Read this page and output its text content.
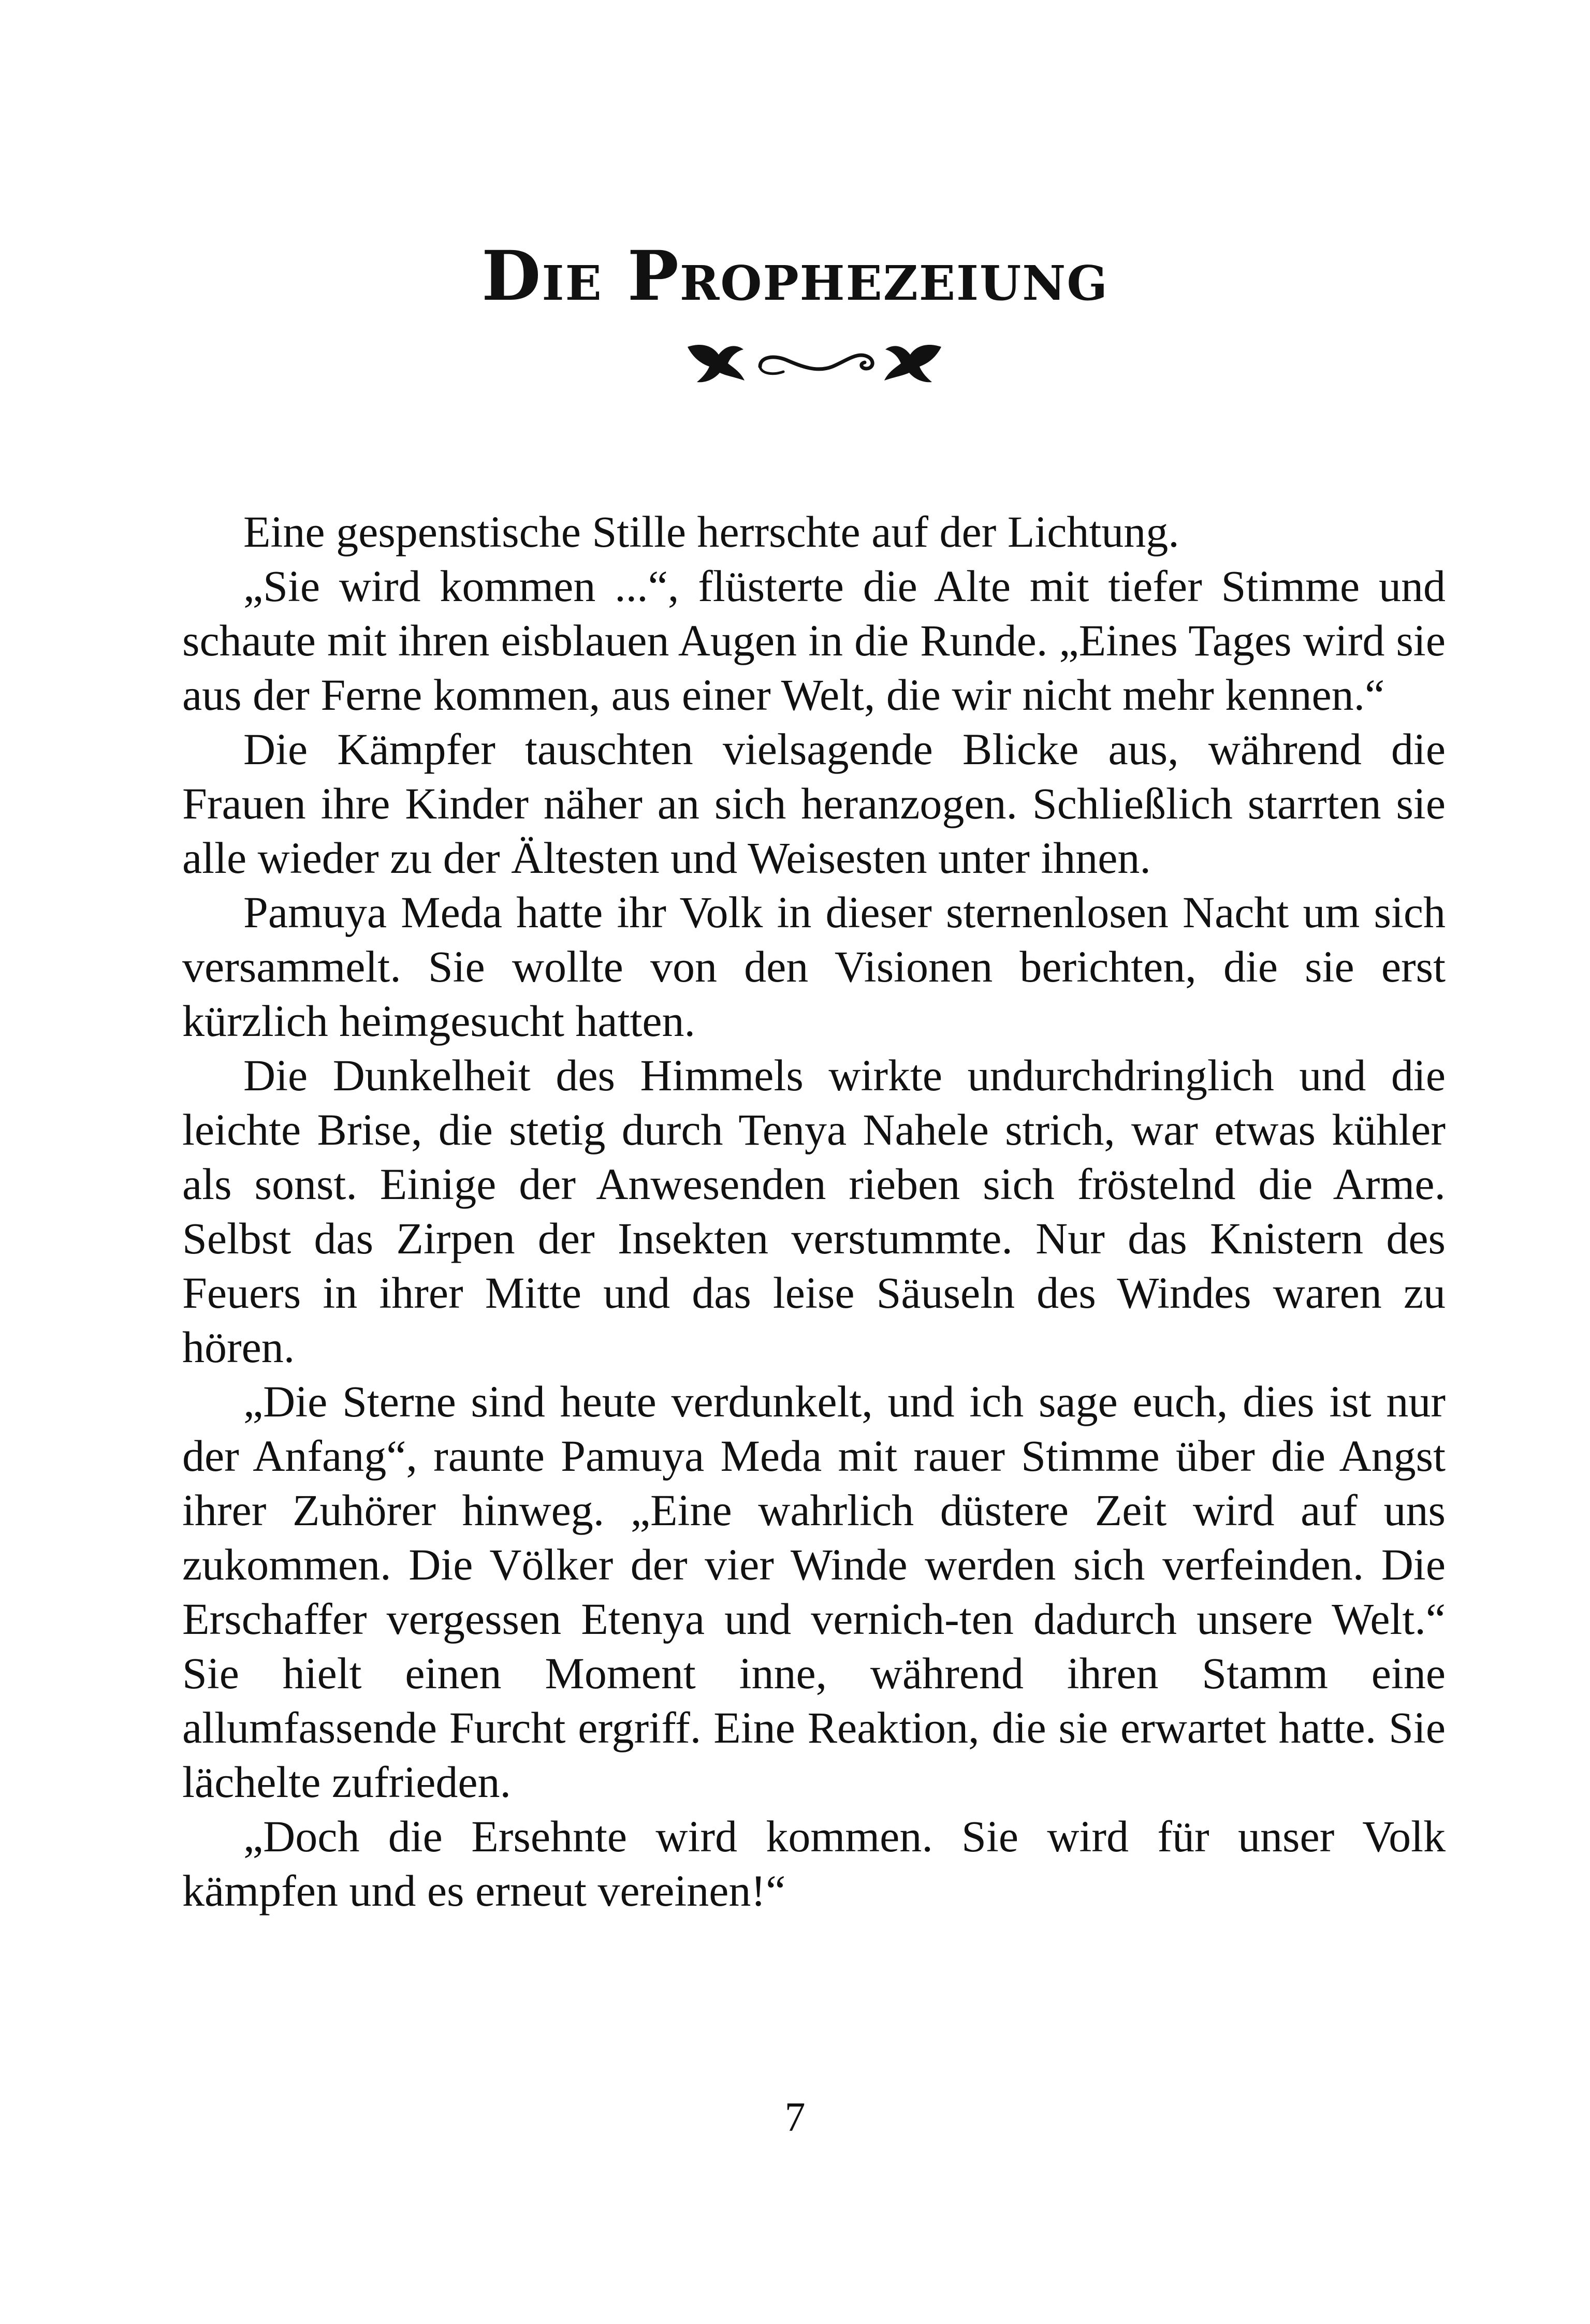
Die Prophezeiung

Eine gespenstische Stille herrschte auf der Lichtung.

„Sie wird kommen ...“, flüsterte die Alte mit tiefer Stimme und schaute mit ihren eisblauen Augen in die Runde. „Eines Tages wird sie aus der Ferne kommen, aus einer Welt, die wir nicht mehr kennen.“

Die Kämpfer tauschten vielsagende Blicke aus, während die Frauen ihre Kinder näher an sich heranzogen. Schließlich starrten sie alle wieder zu der Ältesten und Weisesten unter ihnen.

Pamuya Meda hatte ihr Volk in dieser sternenlosen Nacht um sich versammelt. Sie wollte von den Visionen berichten, die sie erst kürzlich heimgesucht hatten.

Die Dunkelheit des Himmels wirkte undurchdringlich und die leichte Brise, die stetig durch Tenya Nahele strich, war etwas kühler als sonst. Einige der Anwesenden rieben sich fröstelnd die Arme. Selbst das Zirpen der Insekten verstummte. Nur das Knistern des Feuers in ihrer Mitte und das leise Säuseln des Windes waren zu hören.

„Die Sterne sind heute verdunkelt, und ich sage euch, dies ist nur der Anfang“, raunte Pamuya Meda mit rauer Stimme über die Angst ihrer Zuhörer hinweg. „Eine wahrlich düstere Zeit wird auf uns zukommen. Die Völker der vier Winde werden sich verfeinden. Die Erschaffer vergessen Etenya und vernich-ten dadurch unsere Welt.“ Sie hielt einen Moment inne, während ihren Stamm eine allumfassende Furcht ergriff. Eine Reaktion, die sie erwartet hatte. Sie lächelte zufrieden.

„Doch die Ersehnte wird kommen. Sie wird für unser Volk kämpfen und es erneut vereinen!“

7
